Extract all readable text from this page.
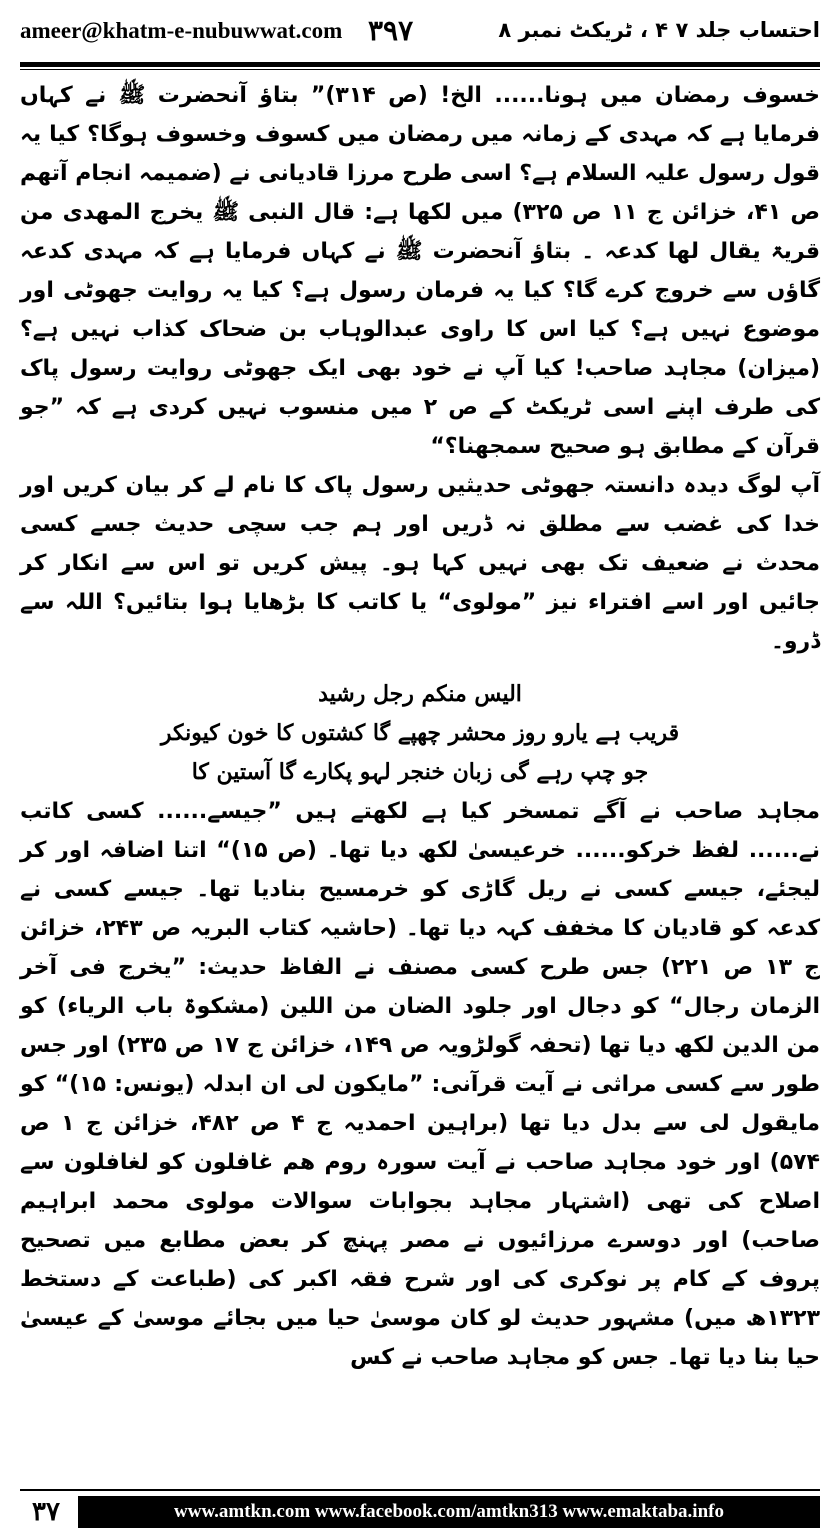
ameer@khatm-e-nubuwwat.com ۳۹۷	احتساب جلد ۷ ۴ ، ٹریکٹ نمبر ۸

خسوف رمضان میں ہونا...... الخ! (ص ۳۱۴)” بتاؤ آنحضرت ﷺ نے کہاں فرمایا ہے کہ مہدی کے زمانہ میں رمضان میں کسوف وخسوف ہوگا؟ کیا یہ قول رسول علیہ السلام ہے؟ اسی طرح مرزا قادیانی نے (ضمیمہ انجام آتھم ص ۴۱، خزائن ج ۱۱ ص ۳۲۵) میں لکھا ہے: قال النبی ﷺ یخرج المھدی من قریۃ یقال لھا کدعہ ۔ بتاؤ آنحضرت ﷺ نے کہاں فرمایا ہے کہ مہدی کدعہ گاؤں سے خروج کرے گا؟ کیا یہ فرمان رسول ہے؟ کیا یہ روایت جھوٹی اور موضوع نہیں ہے؟ کیا اس کا راوی عبدالوہاب بن ضحاک کذاب نہیں ہے؟ (میزان) مجاہد صاحب! کیا آپ نے خود بھی ایک جھوٹی روایت رسول پاک کی طرف اپنے اسی ٹریکٹ کے ص ۲ میں منسوب نہیں کردی ہے کہ ”جو قرآن کے مطابق ہو صحیح سمجھنا؟“

آپ لوگ دیدہ دانستہ جھوٹی حدیثیں رسول پاک کا نام لے کر بیان کریں اور خدا کی غضب سے مطلق نہ ڈریں اور ہم جب سچی حدیث جسے کسی محدث نے ضعیف تک بھی نہیں کہا ہو۔ پیش کریں تو اس سے انکار کر جائیں اور اسے افتراء نیز ”مولوی“ یا کاتب کا بڑھایا ہوا بتائیں؟ اللہ سے ڈرو۔

الیس منکم رجل رشید
قریب ہے یارو روز محشر چھپے گا کشتوں کا خون کیونکر
جو چپ رہے گی زبان خنجر لہو پکارے گا آستین کا

مجاہد صاحب نے آگے تمسخر کیا ہے لکھتے ہیں ”جیسے...... کسی کاتب نے...... لفظ خرکو...... خرعیسیٰ لکھ دیا تھا۔ (ص ۱۵)“ اتنا اضافہ اور کر لیجئے، جیسے کسی نے ریل گاڑی کو خرمسیح بنادیا تھا۔ جیسے کسی نے کدعہ کو قادیان کا مخفف کہہ دیا تھا۔ (حاشیہ کتاب البریہ ص ۲۴۳، خزائن ج ۱۳ ص ۲۲۱) جس طرح کسی مصنف نے الفاظ حدیث: ”یخرج فی آخر الزمان رجال“ کو دجال اور جلود الضان من اللین (مشکوۃ باب الریاء) کو من الدین لکھ دیا تھا (تحفہ گولڑویہ ص ۱۴۹، خزائن ج ۱۷ ص ۲۳۵) اور جس طور سے کسی مراثی نے آیت قرآنی: ”مایکون لی ان ابدلہ (یونس: ۱۵)“ کو مایقول لی سے بدل دیا تھا (براہین احمدیہ ج ۴ ص ۴۸۲، خزائن ج ۱ ص ۵۷۴) اور خود مجاہد صاحب نے آیت سورہ روم ھم غافلون کو لغافلون سے اصلاح کی تھی (اشتہار مجاہد بجوابات سوالات مولوی محمد ابراہیم صاحب) اور دوسرے مرزائیوں نے مصر پہنچ کر بعض مطابع میں تصحیح پروف کے کام پر نوکری کی اور شرح فقہ اکبر کی (طباعت کے دستخط ۱۳۲۳ھ میں) مشہور حدیث لو کان موسیٰ حیا میں بجائے موسیٰ کے عیسیٰ حیا بنا دیا تھا۔ جس کو مجاہد صاحب نے کس

۳۷	www.amtkn.com www.facebook.com/amtkn313 www.emaktaba.info
